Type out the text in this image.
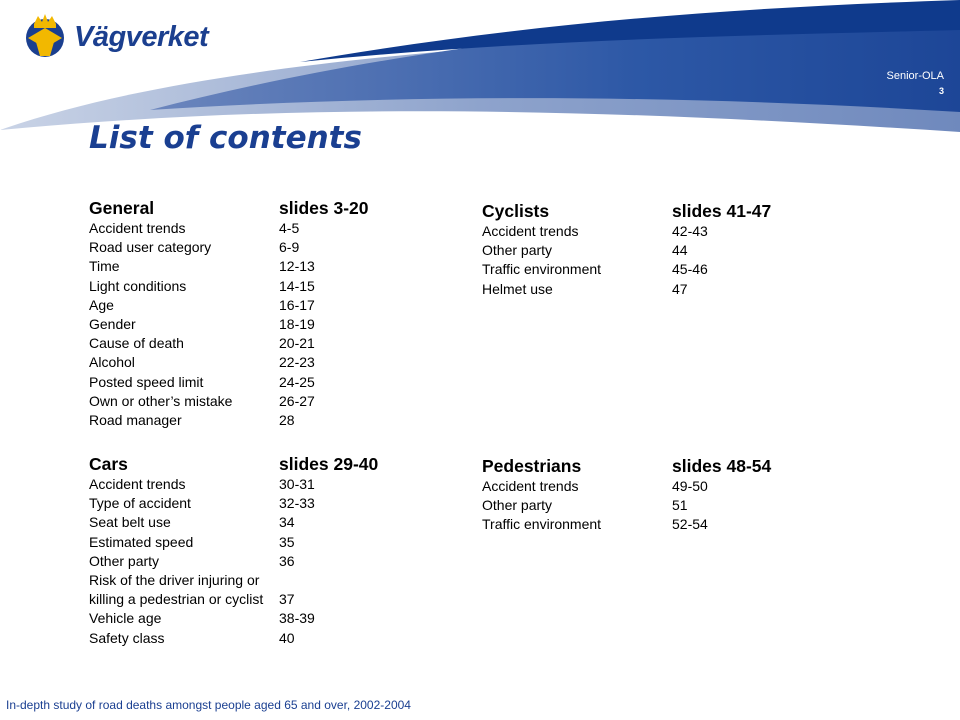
Vägverket
Senior-OLA
3
List of contents
General	slides 3-20
Accident trends	4-5
Road user category	6-9
Time	12-13
Light conditions	14-15
Age	16-17
Gender	18-19
Cause of death	20-21
Alcohol	22-23
Posted speed limit	24-25
Own or other’s mistake	26-27
Road manager	28
Cars	slides 29-40
Accident trends	30-31
Type of accident	32-33
Seat belt use	34
Estimated speed	35
Other party	36
Risk of the driver injuring or killing a pedestrian or cyclist	37
Vehicle age	38-39
Safety class	40
Cyclists	slides 41-47
Accident trends	42-43
Other party	44
Traffic environment	45-46
Helmet use	47
Pedestrians	slides 48-54
Accident trends	49-50
Other party	51
Traffic environment	52-54
In-depth study of road deaths amongst people aged 65 and over, 2002-2004
